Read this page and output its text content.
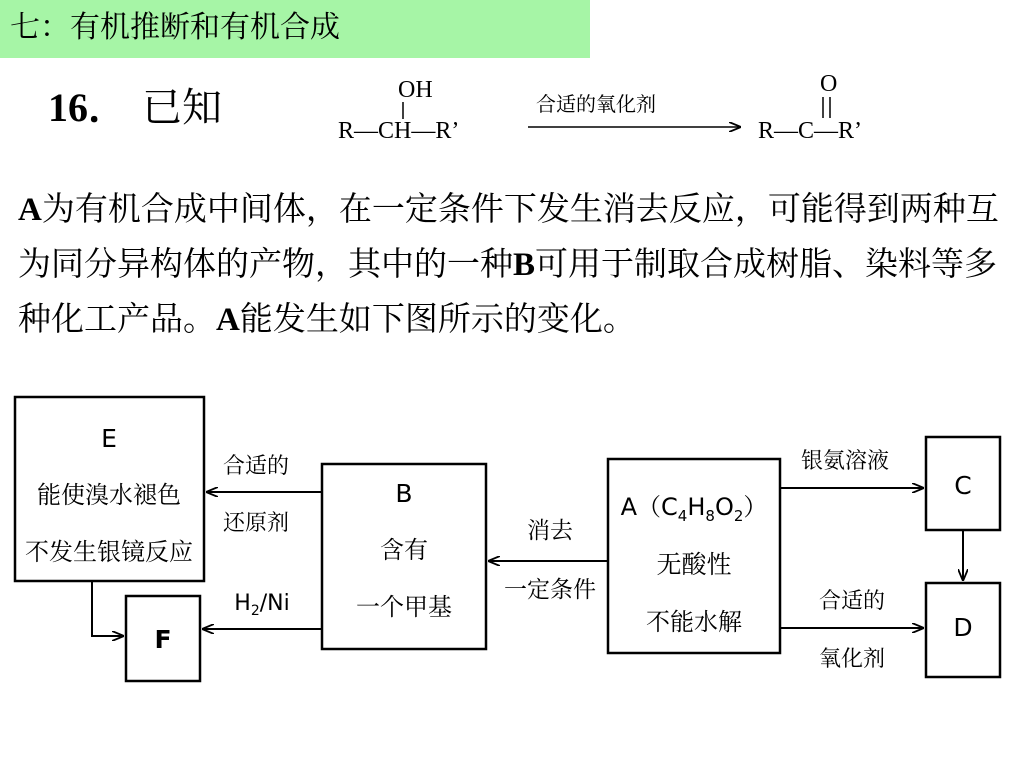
七：有机推断和有机合成
16． 已知	OH
R—CH—R’
合适的氧化剂
O
R—C—R’
E
能使溴水褪色
不发生银镜反应
F
B
含有
一个甲基
$A(C_4H_8O_2)$
无酸性
不能水解
C
D
合适的
还原剂
$H_2/Ni$
消去
一定条件
银氨溶液
合适的
氧化剂

A为有机合成中间体，在一定条件下发生消去反应，可能得到两种互为同分异构体的产物，其中的一种B可用于制取合成树脂、染料等多种化工产品。A能发生如下图所示的变化。
